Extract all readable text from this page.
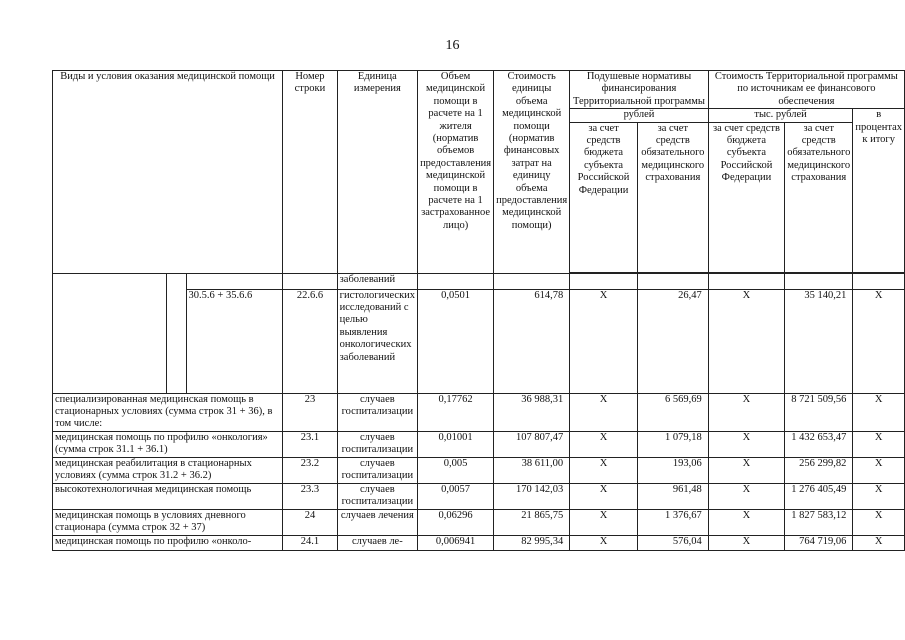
16
Виды и условия оказания медицинской помощи			Номер строки	Единица измерения	Объем медицинской помощи в расчете на 1 жителя (норматив объемов предоставления медицинской помощи в расчете на 1 застрахованное лицо)	Стоимость единицы объема медицинской помощи (норматив финансовых затрат на единицу объема предоставления медицинской помощи)	Подушевые нормативы финансирования Территориальной программы		Стоимость Территориальной программы по источникам ее финансового обеспечения		
							рублей		тыс. рублей		в процентах к итогу
							за счет средств бюджета субъекта Российской Федерации	за счет средств обязательного медицинского страхования	за счет средств бюджета субъекта Российской Федерации	за счет средств обязательного медицинского страхования	

				заболеваний							
		30.5.6 + 35.6.6	22.6.6	гистологических исследований с целью выявления онкологических заболеваний	0,0501	614,78	X	26,47	X	35 140,21	X
специализированная медицинская помощь в стационарных условиях (сумма строк 31 + 36), в том числе:			23	случаев госпитализации	0,17762	36 988,31	X	6 569,69	X	8 721 509,56	X
медицинская помощь по профилю «онкология» (сумма строк 31.1 + 36.1)			23.1	случаев госпитализации	0,01001	107 807,47	X	1 079,18	X	1 432 653,47	X
медицинская реабилитация в стационарных условиях (сумма строк 31.2 + 36.2)			23.2	случаев госпитализации	0,005	38 611,00	X	193,06	X	256 299,82	X
высокотехнологичная медицинская помощь			23.3	случаев госпитализации	0,0057	170 142,03	X	961,48	X	1 276 405,49	X
медицинская помощь в условиях дневного стационара (сумма строк 32 + 37)			24	случаев лечения	0,06296	21 865,75	X	1 376,67	X	1 827 583,12	X
медицинская помощь по профилю «онколо-			24.1	случаев ле-	0,006941	82 995,34	X	576,04	X	764 719,06	X
